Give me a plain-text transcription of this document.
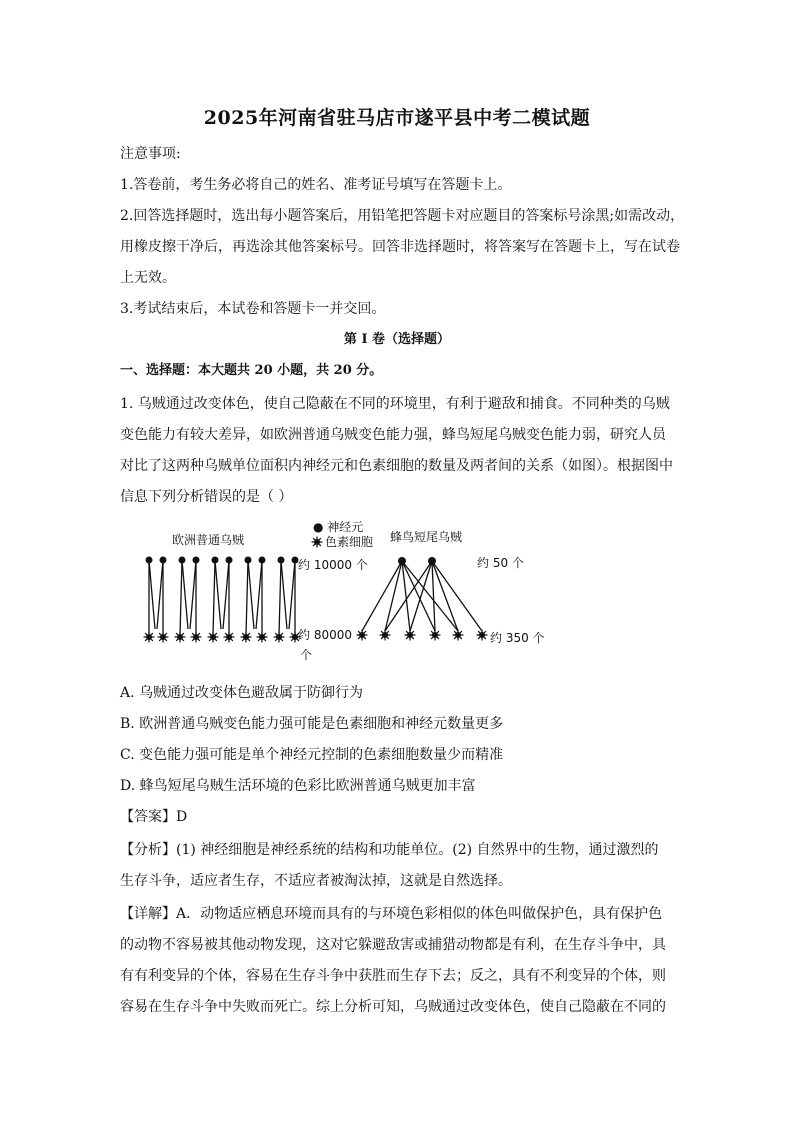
2025年河南省驻马店市遂平县中考二模试题
注意事项:
1.答卷前，考生务必将自己的姓名、准考证号填写在答题卡上。
2.回答选择题时，选出每小题答案后，用铅笔把答题卡对应题目的答案标号涂黑;如需改动，
用橡皮擦干净后，再选涂其他答案标号。回答非选择题时，将答案写在答题卡上，写在试卷
上无效。
3.考试结束后，本试卷和答题卡一并交回。
第 I 卷（选择题）
一、选择题：本大题共 20 小题，共 20 分。
1. 乌贼通过改变体色，使自己隐蔽在不同的环境里，有利于避敌和捕食。不同种类的乌贼
变色能力有较大差异，如欧洲普通乌贼变色能力强，蜂鸟短尾乌贼变色能力弱，研究人员
对比了这两种乌贼单位面积内神经元和色素细胞的数量及两者间的关系（如图）。根据图中
信息下列分析错误的是（ ）
欧洲普通乌贼
约 10000 个
约 80000
个
● 神经元
色素细胞 蜂鸟短尾乌贼
约 50 个
约 350 个
A. 乌贼通过改变体色避敌属于防御行为
B. 欧洲普通乌贼变色能力强可能是色素细胞和神经元数量更多
C. 变色能力强可能是单个神经元控制的色素细胞数量少而精准
D. 蜂鸟短尾乌贼生活环境的色彩比欧洲普通乌贼更加丰富
【答案】D
【分析】(1) 神经细胞是神经系统的结构和功能单位。(2) 自然界中的生物，通过激烈的
生存斗争，适应者生存，不适应者被淘汰掉，这就是自然选择。
【详解】A．动物适应栖息环境而具有的与环境色彩相似的体色叫做保护色，具有保护色
的动物不容易被其他动物发现，这对它躲避敌害或捕猎动物都是有利，在生存斗争中，具
有有利变异的个体，容易在生存斗争中获胜而生存下去；反之，具有不利变异的个体，则
容易在生存斗争中失败而死亡。综上分析可知，乌贼通过改变体色，使自己隐蔽在不同的
